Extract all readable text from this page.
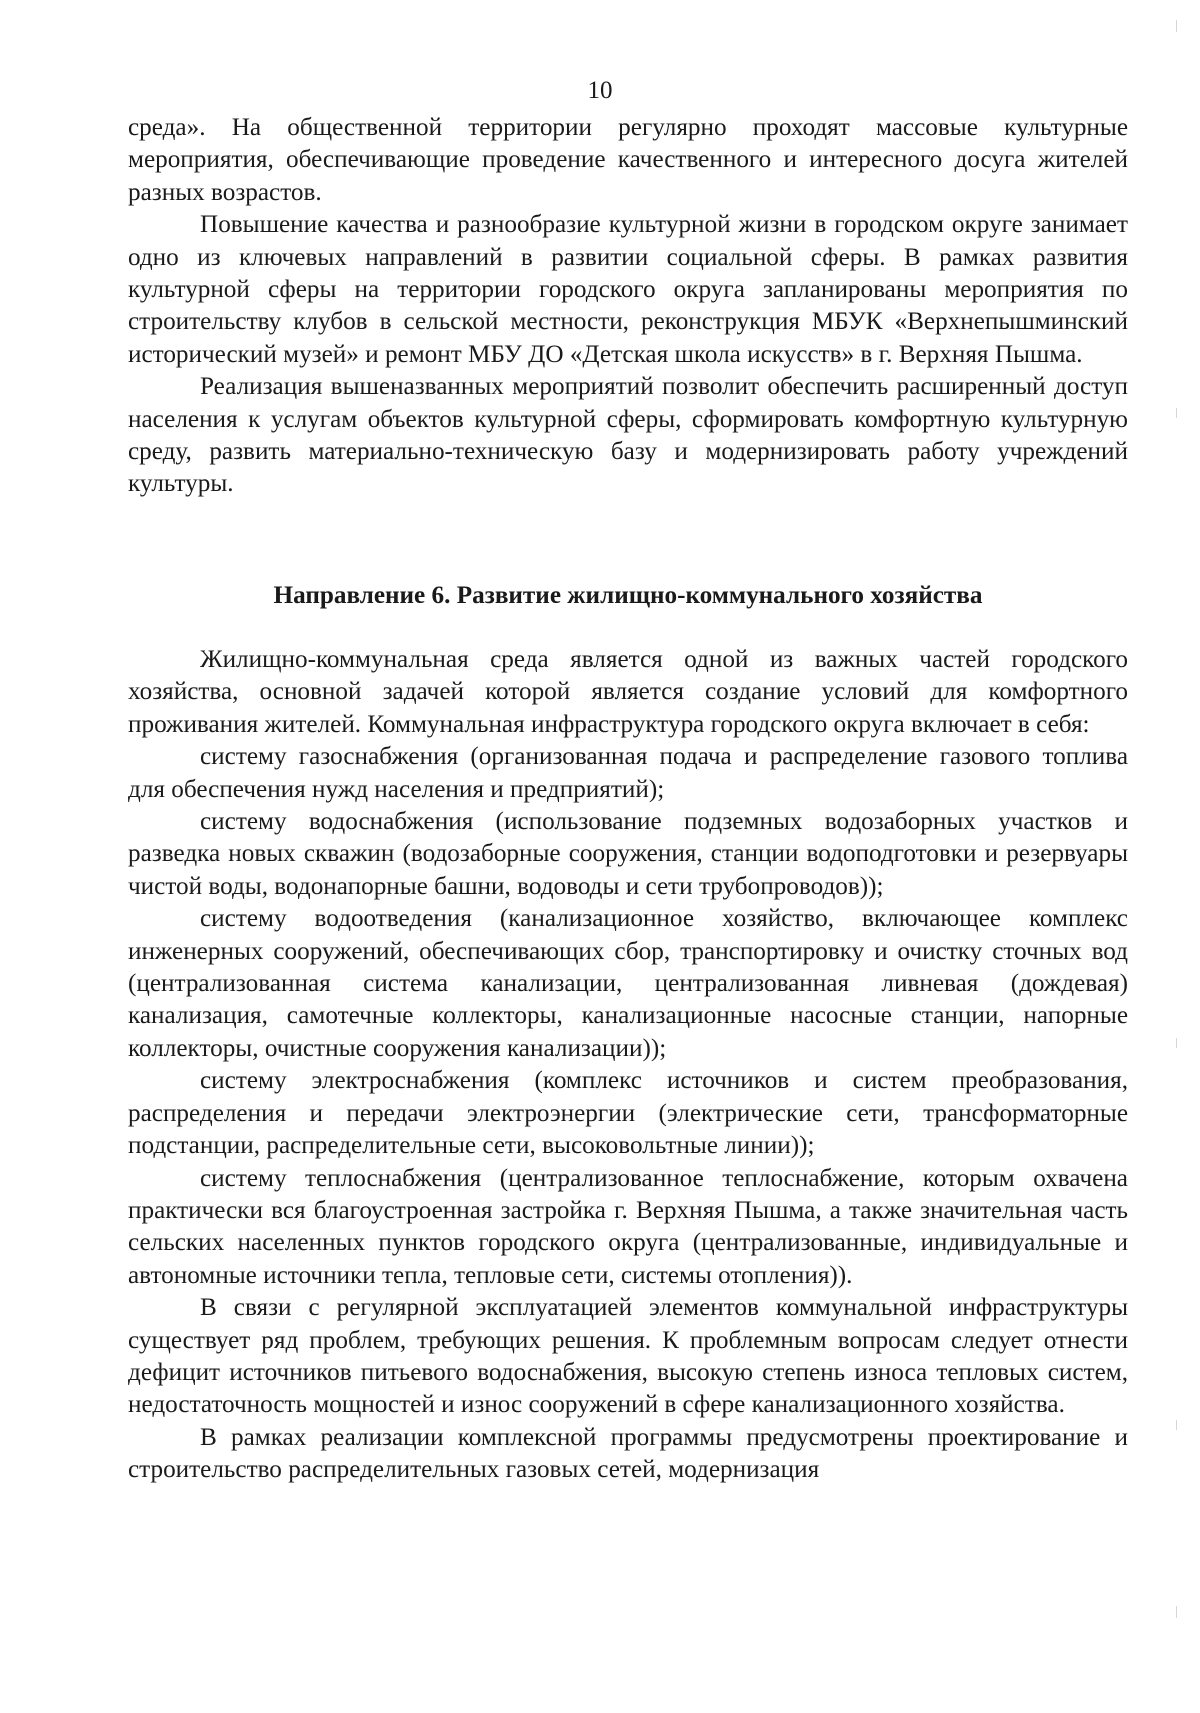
10

среда». На общественной территории регулярно проходят массовые культурные мероприятия, обеспечивающие проведение качественного и интересного досуга жителей разных возрастов.

Повышение качества и разнообразие культурной жизни в городском округе занимает одно из ключевых направлений в развитии социальной сферы. В рамках развития культурной сферы на территории городского округа запланированы мероприятия по строительству клубов в сельской местности, реконструкция МБУК «Верхнепышминский исторический музей» и ремонт МБУ ДО «Детская школа искусств» в г. Верхняя Пышма.

Реализация вышеназванных мероприятий позволит обеспечить расширенный доступ населения к услугам объектов культурной сферы, сформировать комфортную культурную среду, развить материально-техническую базу и модернизировать работу учреждений культуры.

Направление 6. Развитие жилищно-коммунального хозяйства

Жилищно-коммунальная среда является одной из важных частей городского хозяйства, основной задачей которой является создание условий для комфортного проживания жителей. Коммунальная инфраструктура городского округа включает в себя:

систему газоснабжения (организованная подача и распределение газового топлива для обеспечения нужд населения и предприятий);

систему водоснабжения (использование подземных водозаборных участков и разведка новых скважин (водозаборные сооружения, станции водоподготовки и резервуары чистой воды, водонапорные башни, водоводы и сети трубопроводов));

систему водоотведения (канализационное хозяйство, включающее комплекс инженерных сооружений, обеспечивающих сбор, транспортировку и очистку сточных вод (централизованная система канализации, централизованная ливневая (дождевая) канализация, самотечные коллекторы, канализационные насосные станции, напорные коллекторы, очистные сооружения канализации));

систему электроснабжения (комплекс источников и систем преобразования, распределения и передачи электроэнергии (электрические сети, трансформаторные подстанции, распределительные сети, высоковольтные линии));

систему теплоснабжения (централизованное теплоснабжение, которым охвачена практически вся благоустроенная застройка г. Верхняя Пышма, а также значительная часть сельских населенных пунктов городского округа (централизованные, индивидуальные и автономные источники тепла, тепловые сети, системы отопления)).

В связи с регулярной эксплуатацией элементов коммунальной инфраструктуры существует ряд проблем, требующих решения. К проблемным вопросам следует отнести дефицит источников питьевого водоснабжения, высокую степень износа тепловых систем, недостаточность мощностей и износ сооружений в сфере канализационного хозяйства.

В рамках реализации комплексной программы предусмотрены проектирование и строительство распределительных газовых сетей, модернизация
